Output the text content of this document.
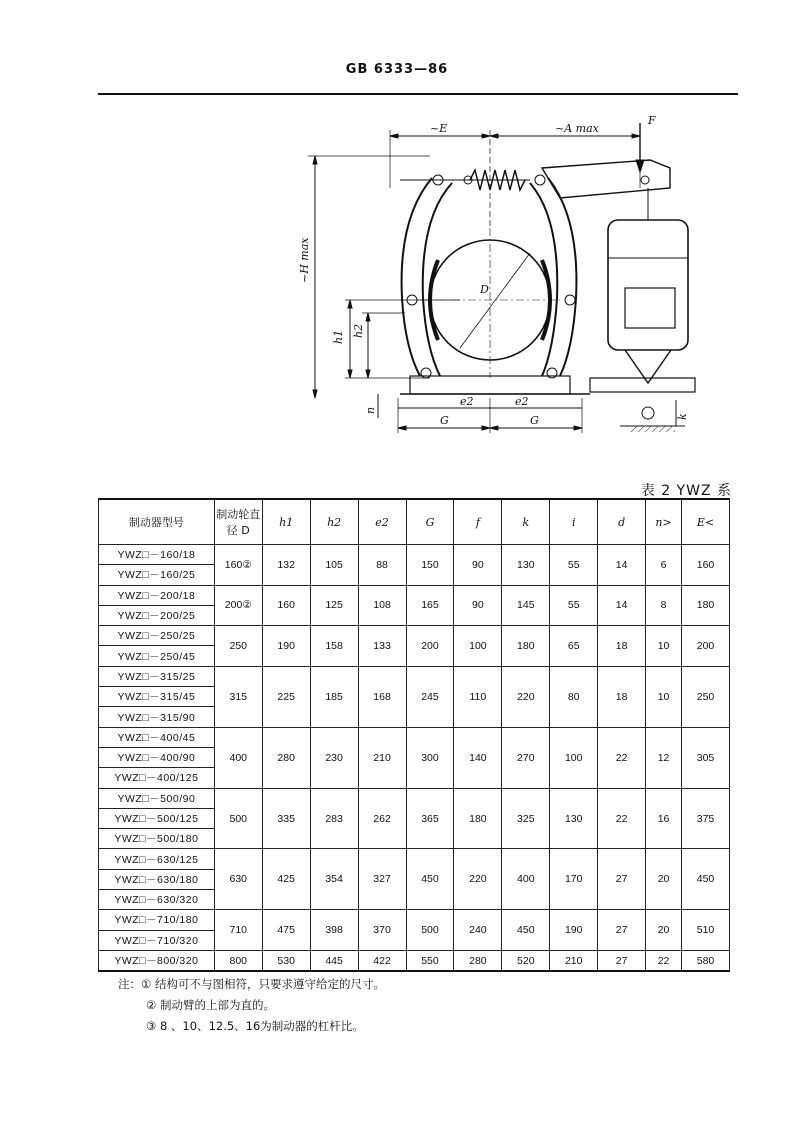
GB 6333—86
~E	~A max
F
~H max
D
h1 h2
e2	e2
G	G
n
k
表 2 YWZ 系
制动器型号	制动轮直径 D	h1	h2	e2	G	f	k	i	d	n>	E<
YWZ□－160/18	160②	132	105	88	150	90	130	55	14	6	160
YWZ□－160/25											
YWZ□－200/18	200②	160	125	108	165	90	145	55	14	8	180
YWZ□－200/25											
YWZ□－250/25	250	190	158	133	200	100	180	65	18	10	200
YWZ□－250/45											
YWZ□－315/25	315	225	185	168	245	110	220	80	18	10	250
YWZ□－315/45											
YWZ□－315/90											
YWZ□－400/45	400	280	230	210	300	140	270	100	22	12	305
YWZ□－400/90											
YWZ□－400/125											
YWZ□－500/90	500	335	283	262	365	180	325	130	22	16	375
YWZ□－500/125											
YWZ□－500/180											
YWZ□－630/125	630	425	354	327	450	220	400	170	27	20	450
YWZ□－630/180											
YWZ□－630/320											
YWZ□－710/180	710	475	398	370	500	240	450	190	27	20	510
YWZ□－710/320											
YWZ□－800/320	800	530	445	422	550	280	520	210	27	22	580
注：① 结构可不与图相符，只要求遵守给定的尺寸。
② 制动臂的上部为直的。
③ 8 、10、12.5、16为制动器的杠杆比。
